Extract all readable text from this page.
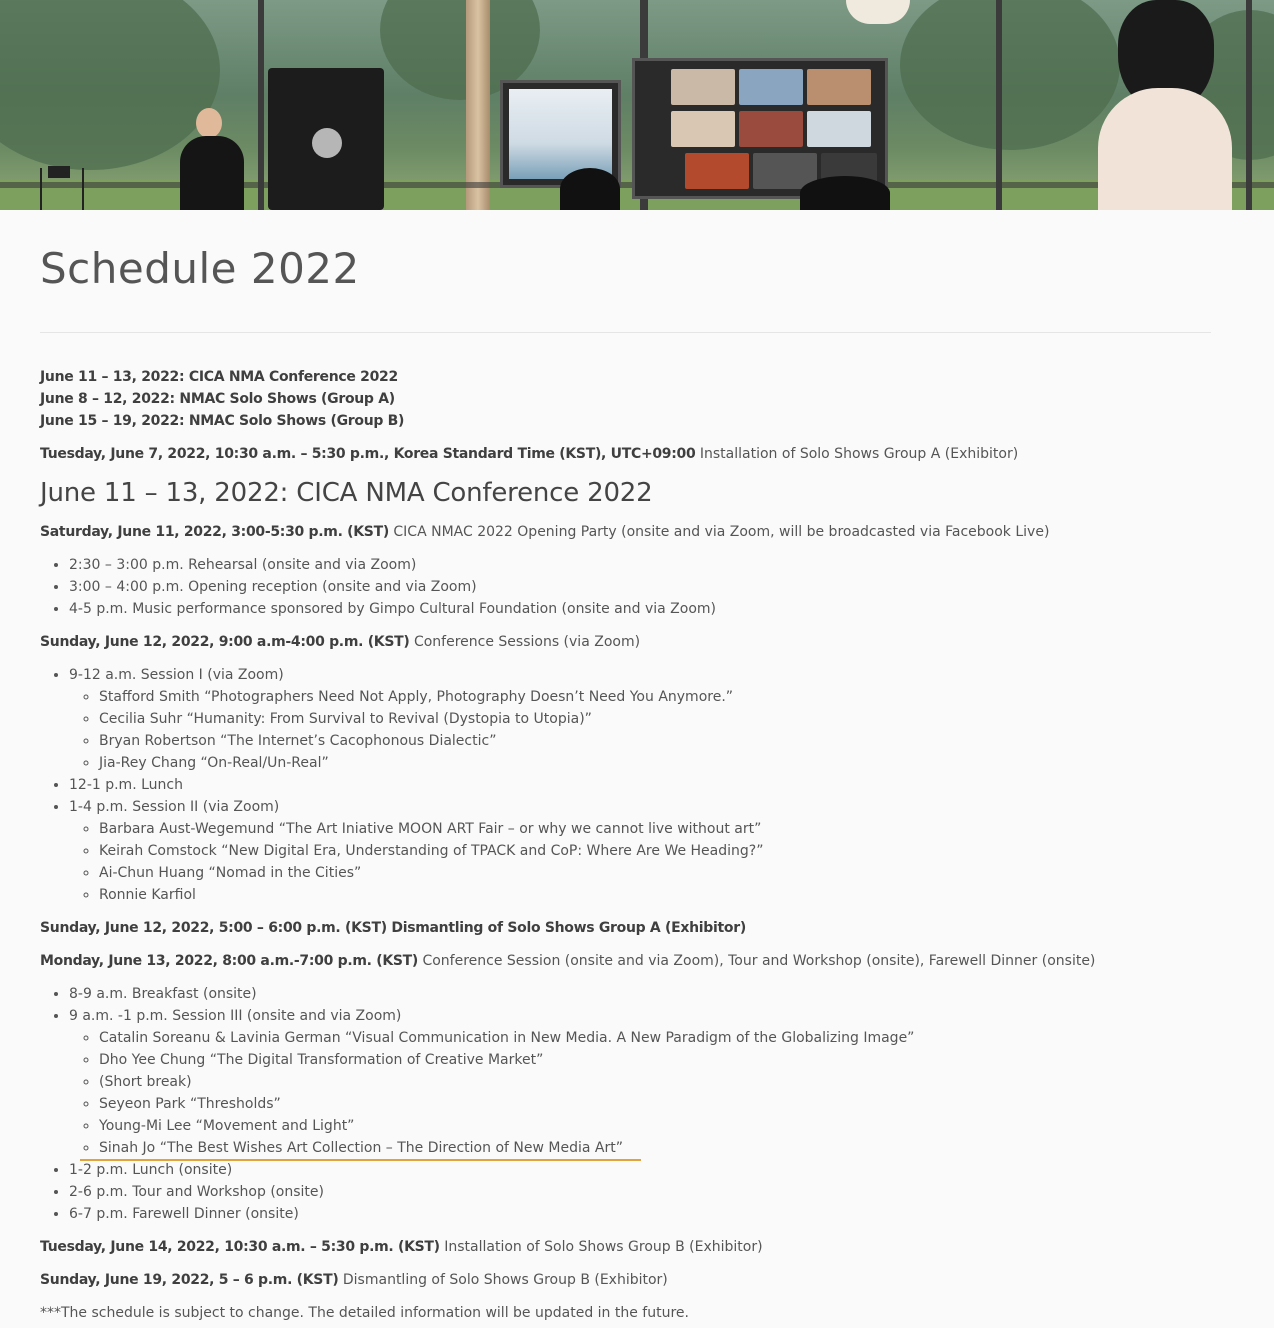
Schedule 2022
June 11 – 13, 2022: CICA NMA Conference 2022
June 8 – 12, 2022: NMAC Solo Shows (Group A)
June 15 – 19, 2022: NMAC Solo Shows (Group B)

Tuesday, June 7, 2022, 10:30 a.m. – 5:30 p.m., Korea Standard Time (KST), UTC+09:00 Installation of Solo Shows Group A (Exhibitor)

June 11 – 13, 2022: CICA NMA Conference 2022

Saturday, June 11, 2022, 3:00-5:30 p.m. (KST) CICA NMAC 2022 Opening Party (onsite and via Zoom, will be broadcasted via Facebook Live)

• 2:30 – 3:00 p.m. Rehearsal (onsite and via Zoom)
• 3:00 – 4:00 p.m. Opening reception (onsite and via Zoom)
• 4-5 p.m. Music performance sponsored by Gimpo Cultural Foundation (onsite and via Zoom)

Sunday, June 12, 2022, 9:00 a.m-4:00 p.m. (KST) Conference Sessions (via Zoom)

• 9-12 a.m. Session I (via Zoom)
◦ Stafford Smith “Photographers Need Not Apply, Photography Doesn’t Need You Anymore.”
◦ Cecilia Suhr “Humanity: From Survival to Revival (Dystopia to Utopia)”
◦ Bryan Robertson “The Internet’s Cacophonous Dialectic”
◦ Jia-Rey Chang “On-Real/Un-Real”
• 12-1 p.m. Lunch
• 1-4 p.m. Session II (via Zoom)
◦ Barbara Aust-Wegemund “The Art Iniative MOON ART Fair – or why we cannot live without art”
◦ Keirah Comstock “New Digital Era, Understanding of TPACK and CoP: Where Are We Heading?”
◦ Ai-Chun Huang “Nomad in the Cities”
◦ Ronnie Karfiol

Sunday, June 12, 2022, 5:00 – 6:00 p.m. (KST) Dismantling of Solo Shows Group A (Exhibitor)

Monday, June 13, 2022, 8:00 a.m.-7:00 p.m. (KST) Conference Session (onsite and via Zoom), Tour and Workshop (onsite), Farewell Dinner (onsite)

• 8-9 a.m. Breakfast (onsite)
• 9 a.m. -1 p.m. Session III (onsite and via Zoom)
◦ Catalin Soreanu & Lavinia German “Visual Communication in New Media. A New Paradigm of the Globalizing Image”
◦ Dho Yee Chung “The Digital Transformation of Creative Market”
◦ (Short break)
◦ Seyeon Park “Thresholds”
◦ Young-Mi Lee “Movement and Light”
◦ Sinah Jo “The Best Wishes Art Collection – The Direction of New Media Art”
• 1-2 p.m. Lunch (onsite)
• 2-6 p.m. Tour and Workshop (onsite)
• 6-7 p.m. Farewell Dinner (onsite)

Tuesday, June 14, 2022, 10:30 a.m. – 5:30 p.m. (KST) Installation of Solo Shows Group B (Exhibitor)

Sunday, June 19, 2022, 5 – 6 p.m. (KST) Dismantling of Solo Shows Group B (Exhibitor)

***The schedule is subject to change. The detailed information will be updated in the future.
